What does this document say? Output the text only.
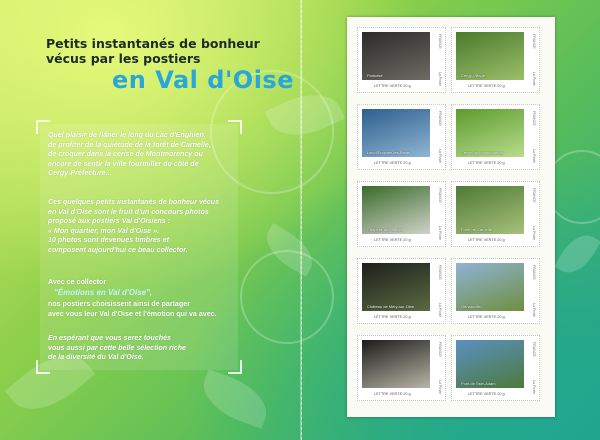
Petits instantanés de bonheur
vécus par les postiers
en Val d'Oise
Quel plaisir de flâner le long du Lac d'Enghien,
de profiter de la quiétude de la forêt de Carnelle,
de croquer dans la cerise de Montmorency ou
encore de sentir la ville fourmiller du côté de
Cergy-Préfecture...
Ces quelques petits instantanés de bonheur vécus
en Val d'Oise sont le fruit d'un concours photos
proposé aux postiers Val d'Oisiens :
« Mon quartier, mon Val d'Oise ».
10 photos sont devenues timbres et
composent aujourd'hui ce beau collector.
Avec ce collector
"Émotions en Val d'Oise",
nos postiers choisissent ainsi de partager
avec vous leur Val d'Oise et l'émotion qui va avec.
En espérant que vous serez touchés
vous aussi par cette belle sélection riche
de la diversité du Val d'Oise.
Pontoise
FRANCE
La Poste
LETTRE VERTE 20 g
Cergy-Village
FRANCE
La Poste
LETTRE VERTE 20 g
Lac d'Enghien-les-Bains
FRANCE
La Poste
LETTRE VERTE 20 g
Cerise de Montmorency
FRANCE
La Poste
LETTRE VERTE 20 g
Chapelle de Maudre
FRANCE
La Poste
LETTRE VERTE 20 g
Forêt de Carnelle
FRANCE
La Poste
LETTRE VERTE 20 g
Château de Méry-sur-Oise
FRANCE
La Poste
LETTRE VERTE 20 g
Genainville
FRANCE
La Poste
LETTRE VERTE 20 g
FRANCE
La Poste
LETTRE VERTE 20 g
Pont de l'Isle-Adam
FRANCE
La Poste
LETTRE VERTE 20 g
